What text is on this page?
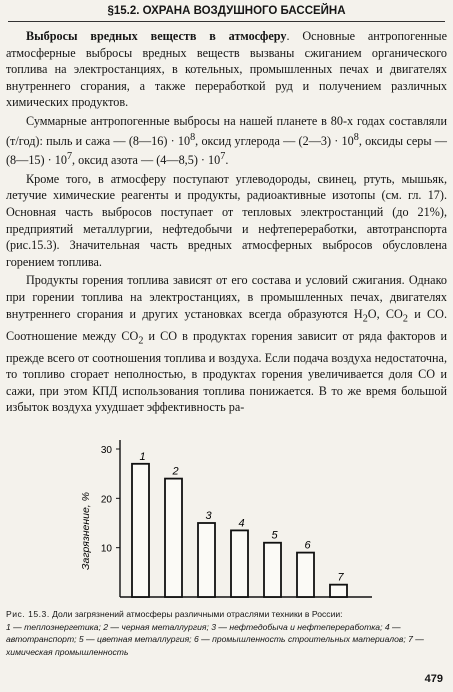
§15.2. ОХРАНА ВОЗДУШНОГО БАССЕЙНА

Выбросы вредных веществ в атмосферу. Основные антропогенные атмосферные выбросы вредных веществ вызваны сжиганием органического топлива на электростанциях, в котельных, промышленных печах и двигателях внутреннего сгорания, а также переработкой руд и получением различных химических продуктов.

Суммарные антропогенные выбросы на нашей планете в 80-х годах составляли (т/год): пыль и сажа — (8—16) · $10^8$, оксид углерода — (2—3) · $10^8$, оксиды серы — (8—15) · $10^7$, оксид азота — (4—8,5) · $10^7$.

Кроме того, в атмосферу поступают углеводороды, свинец, ртуть, мышьяк, летучие химические реагенты и продукты, радиоактивные изотопы (см. гл. 17). Основная часть выбросов поступает от тепловых электростанций (до 21%), предприятий металлургии, нефтедобычи и нефтепереработки, автотранспорта (рис.15.3). Значительная часть вредных атмосферных выбросов обусловлена горением топлива.

Продукты горения топлива зависят от его состава и условий сжигания. Однако при горении топлива на электростанциях, в промышленных печах, двигателях внутреннего сгорания и других установках всегда образуются $H_2O$, $CO_2$ и CO. Соотношение между $CO_2$ и CO в продуктах горения зависит от ряда факторов и прежде всего от соотношения топлива и воздуха. Если подача воздуха недостаточна, то топливо сгорает неполностью, в продуктах горения увеличивается доля CO и сажи, при этом КПД использования топлива понижается. В то же время большой избыток воздуха ухудшает эффективность ра-

10
20
30
Загрязнение, %
1
2
3
4
5
6
7
Рис. 15.3. Доли загрязнений атмосферы различными отраслями техники в России:
1 — теплоэнергетика; 2 — черная металлургия; 3 — нефтедобыча и нефтепереработка; 4 — автотранспорт; 5 — цветная металлургия; 6 — промышленность строительных материалов; 7 — химическая промышленность
479
